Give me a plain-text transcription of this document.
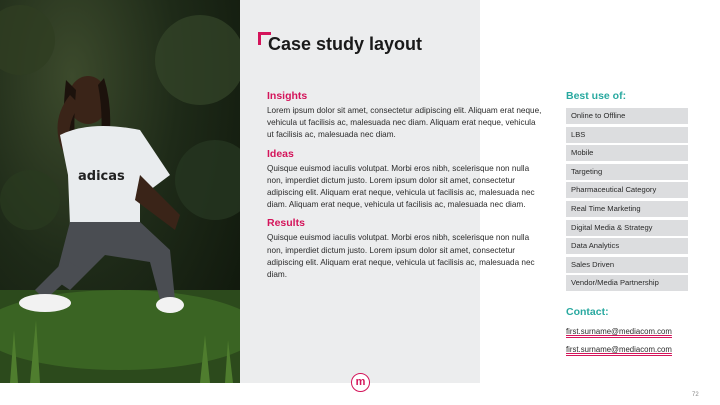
adicas
Case study layout
Insights

Lorem ipsum dolor sit amet, consectetur adipiscing elit. Aliquam erat neque, vehicula ut facilisis ac, malesuada nec diam. Aliquam erat neque, vehicula ut facilisis ac, malesuada nec diam.

Ideas

Quisque euismod iaculis volutpat. Morbi eros nibh, scelerisque non nulla non, imperdiet dictum justo. Lorem ipsum dolor sit amet, consectetur adipiscing elit. Aliquam erat neque, vehicula ut facilisis ac, malesuada nec diam. Aliquam erat neque, vehicula ut facilisis ac, malesuada nec diam.

Results

Quisque euismod iaculis volutpat. Morbi eros nibh, scelerisque non nulla non, imperdiet dictum justo. Lorem ipsum dolor sit amet, consectetur adipiscing elit. Aliquam erat neque, vehicula ut facilisis ac, malesuada nec diam.

Best use of:
Online to Offline
LBS
Mobile
Targeting
Pharmaceutical Category
Real Time Marketing
Digital Media & Strategy
Data Analytics
Sales Driven
Vendor/Media Partnership
Contact:
first.surname@mediacom.com
first.surname@mediacom.com
m
72
